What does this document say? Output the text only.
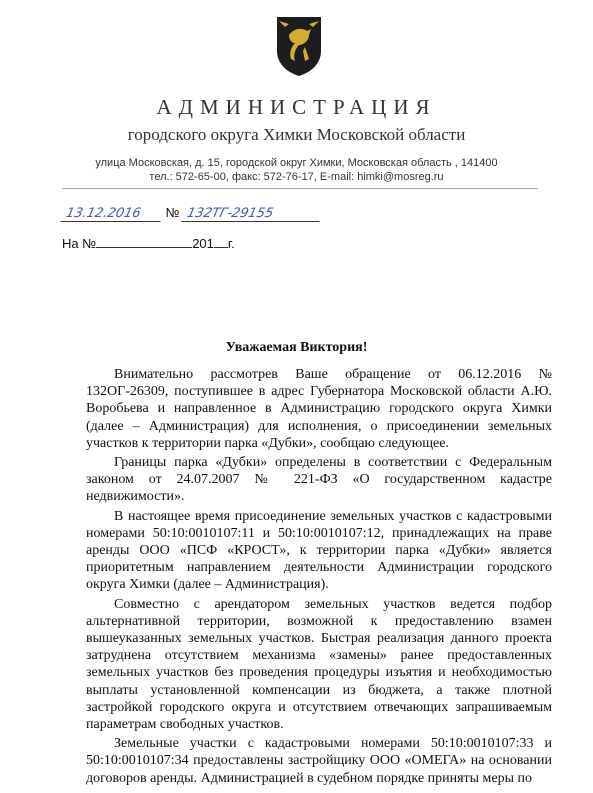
АДМИНИСТРАЦИЯ
городского округа Химки Московской области
улица Московская, д. 15, городской округ Химки, Московская область , 141400
тел.: 572-65-00, факс: 572-76-17, E-mail: himki@mosreg.ru
13.12.2016 № 132ТГ-29155
На №	201 г.
Уважаемая Виктория!

Внимательно рассмотрев Ваше обращение от 06.12.2016 № 132ОГ-26309, поступившее в адрес Губернатора Московской области А.Ю. Воробьева и направленное в Администрацию городского округа Химки (далее – Администрация) для исполнения, о присоединении земельных участков к территории парка «Дубки», сообщаю следующее.

Границы парка «Дубки» определены в соответствии с Федеральным законом от 24.07.2007 № 221-ФЗ «О государственном кадастре недвижимости».

В настоящее время присоединение земельных участков с кадастровыми номерами 50:10:0010107:11 и 50:10:0010107:12, принадлежащих на праве аренды ООО «ПСФ «КРОСТ», к территории парка «Дубки» является приоритетным направлением деятельности Администрации городского округа Химки (далее – Администрация).

Совместно с арендатором земельных участков ведется подбор альтернативной территории, возможной к предоставлению взамен вышеуказанных земельных участков. Быстрая реализация данного проекта затруднена отсутствием механизма «замены» ранее предоставленных земельных участков без проведения процедуры изъятия и необходимостью выплаты установленной компенсации из бюджета, а также плотной застройкой городского округа и отсутствием отвечающих запрашиваемым параметрам свободных участков.

Земельные участки с кадастровыми номерами 50:10:0010107:33 и 50:10:0010107:34 предоставлены застройщику ООО «ОМЕГА» на основании договоров аренды. Администрацией в судебном порядке приняты меры по
